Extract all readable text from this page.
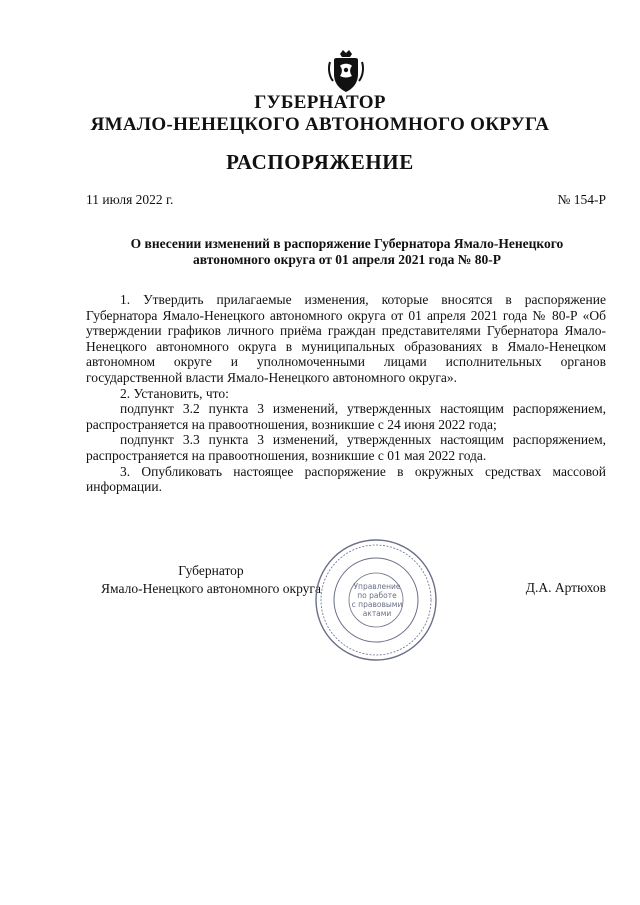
ГУБЕРНАТОР
ЯМАЛО-НЕНЕЦКОГО АВТОНОМНОГО ОКРУГА
РАСПОРЯЖЕНИЕ
11 июля 2022 г.	№ 154-Р
О внесении изменений в распоряжение Губернатора Ямало-Ненецкого автономного округа от 01 апреля 2021 года № 80-Р

1. Утвердить прилагаемые изменения, которые вносятся в распоряжение Губернатора Ямало-Ненецкого автономного округа от 01 апреля 2021 года № 80-Р «Об утверждении графиков личного приёма граждан представителями Губернатора Ямало-Ненецкого автономного округа в муниципальных образованиях в Ямало-Ненецком автономном округе и уполномоченными лицами исполнительных органов государственной власти Ямало-Ненецкого автономного округа».

2. Установить, что:

подпункт 3.2 пункта 3 изменений, утвержденных настоящим распоряжением, распространяется на правоотношения, возникшие с 24 июня 2022 года;

подпункт 3.3 пункта 3 изменений, утвержденных настоящим распоряжением, распространяется на правоотношения, возникшие с 01 мая 2022 года.

3. Опубликовать настоящее распоряжение в окружных средствах массовой информации.

Губернатор
Ямало-Ненецкого автономного округа	Д.А. Артюхов
Управление
по работе
с правовыми
актами
